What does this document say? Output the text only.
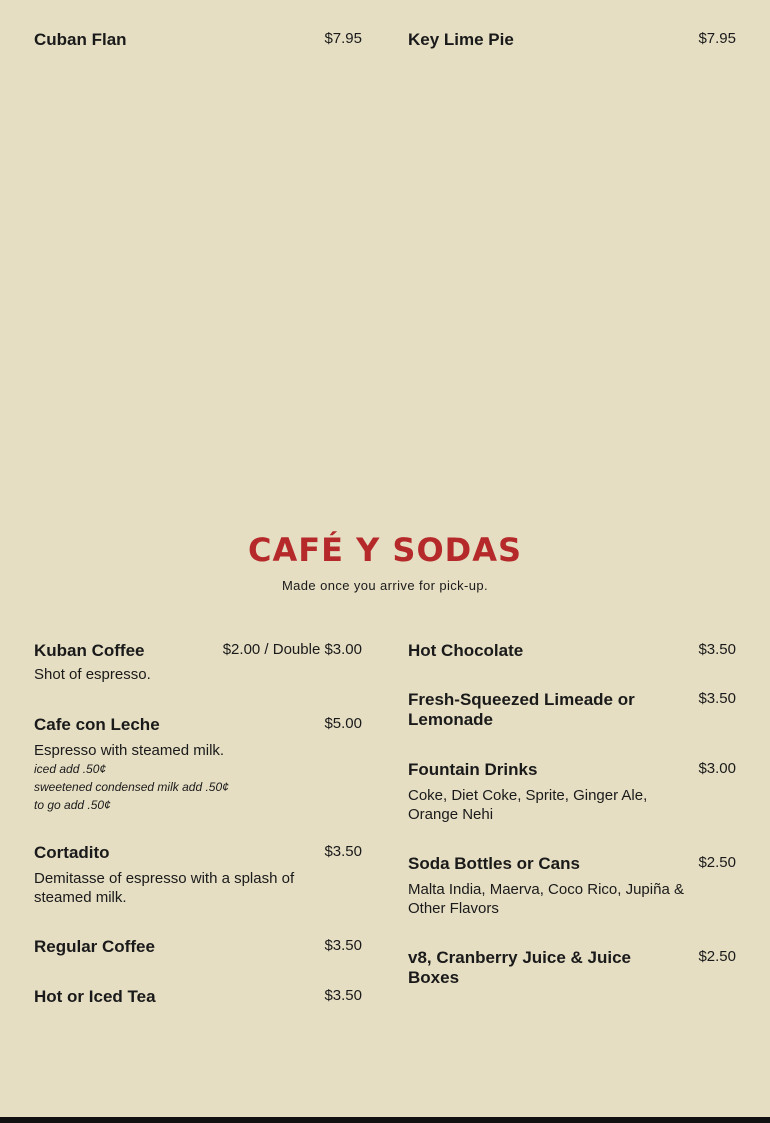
Cuban Flan	$7.95	Key Lime Pie	$7.95
CAFÉ Y SODAS
Made once you arrive for pick-up.
Kuban Coffee	$2.00 / Double $3.00
Shot of espresso.
Cafe con Leche	$5.00
Espresso with steamed milk.
iced add .50¢
sweetened condensed milk add .50¢
to go add .50¢
Cortadito	$3.50
Demitasse of espresso with a splash of steamed milk.
Regular Coffee	$3.50
Hot or Iced Tea	$3.50
Hot Chocolate	$3.50
Fresh-Squeezed Limeade or Lemonade
$3.50
Fountain Drinks	$3.00
Coke, Diet Coke, Sprite, Ginger Ale, Orange Nehi
Soda Bottles or Cans	$2.50
Malta India, Maerva, Coco Rico, Jupiña & Other Flavors
v8, Cranberry Juice & Juice Boxes
$2.50
